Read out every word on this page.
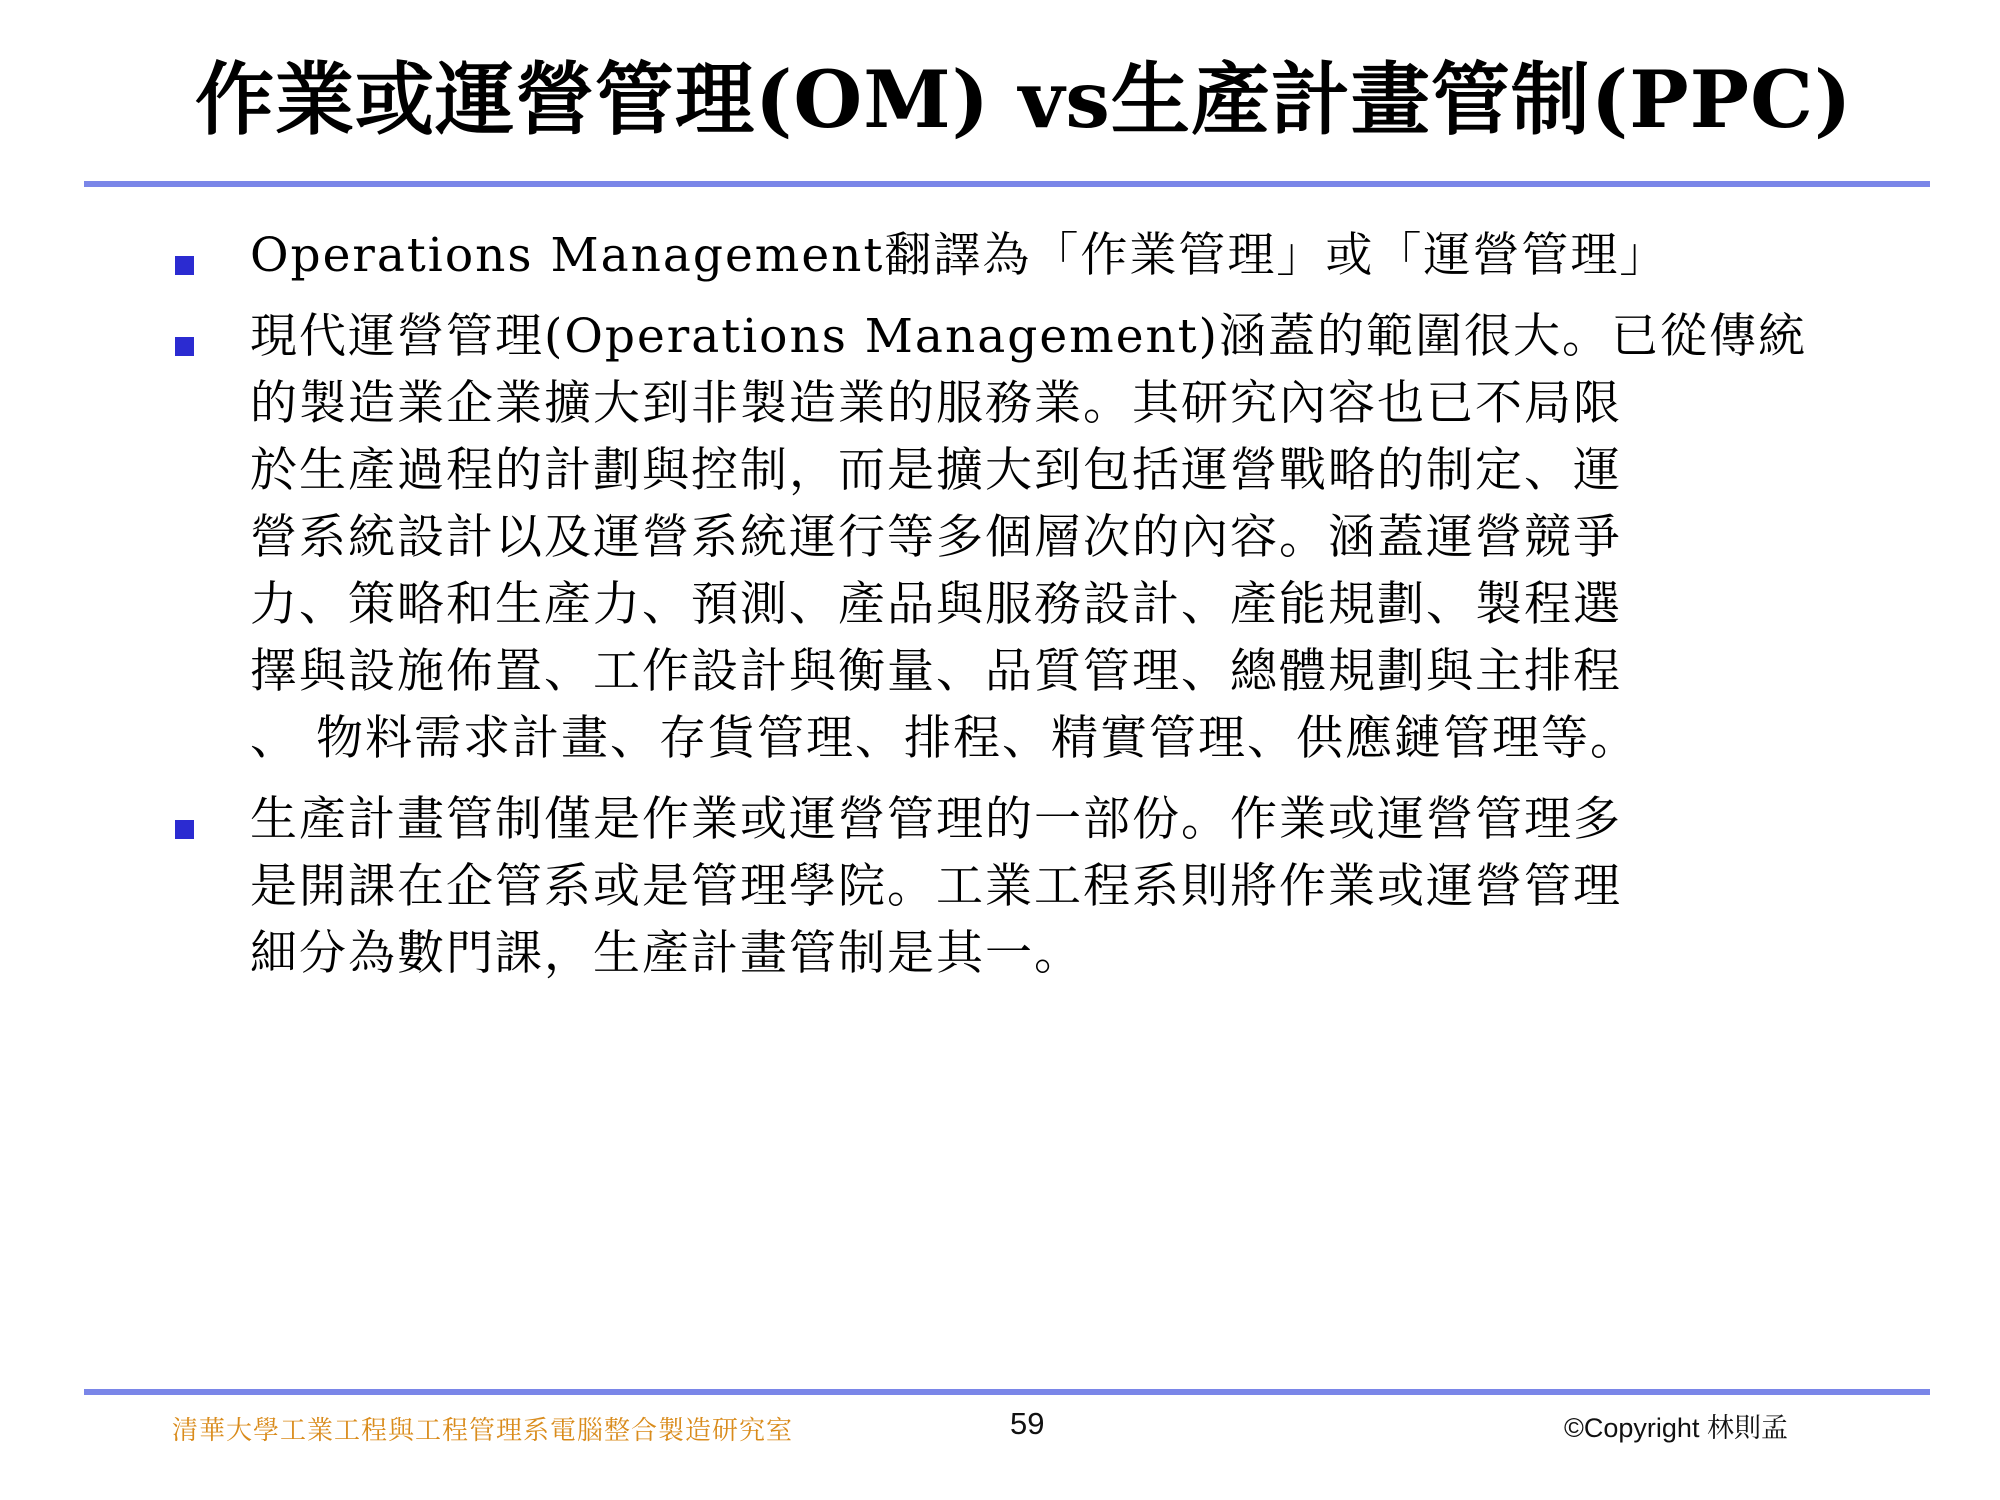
作業或運營管理(OM) vs生產計畫管制(PPC)
Operations Management翻譯為「作業管理」或「運營管理」
現代運營管理(Operations Management)涵蓋的範圍很大。已從傳統
的製造業企業擴大到非製造業的服務業。其研究內容也已不局限
於生產過程的計劃與控制，而是擴大到包括運營戰略的制定、運
營系統設計以及運營系統運行等多個層次的內容。涵蓋運營競爭
力、策略和生產力、預測、產品與服務設計、產能規劃、製程選
擇與設施佈置、工作設計與衡量、品質管理、總體規劃與主排程
、 物料需求計畫、存貨管理、排程、精實管理、供應鏈管理等。
生產計畫管制僅是作業或運營管理的一部份。作業或運營管理多
是開課在企管系或是管理學院。工業工程系則將作業或運營管理
細分為數門課，生產計畫管制是其一。
清華大學工業工程與工程管理系電腦整合製造研究室	59	©Copyright 林則孟
